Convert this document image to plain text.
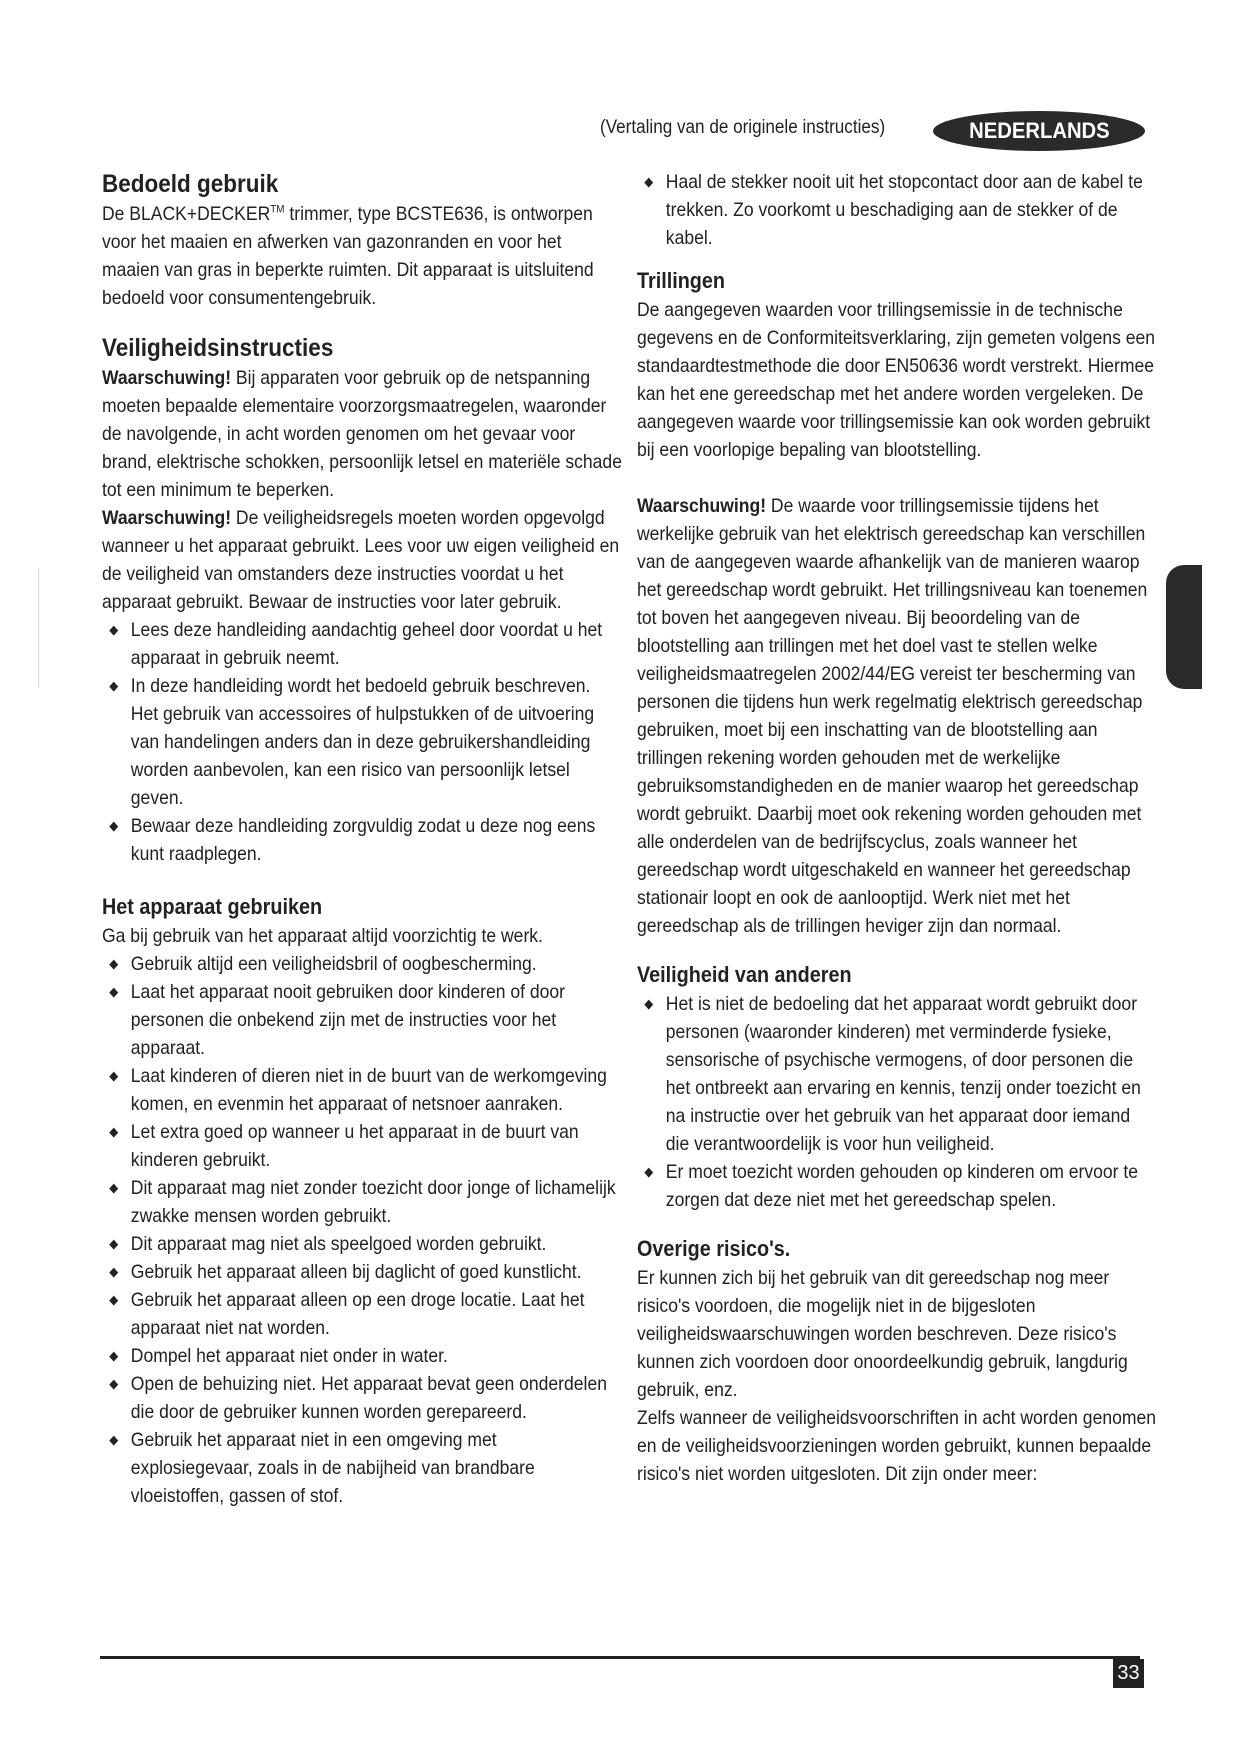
(Vertaling van de originele instructies)	NEDERLANDS
Bedoeld gebruik

De BLACK+DECKER™ trimmer, type BCSTE636, is ontworpen

voor het maaien en afwerken van gazonranden en voor het maaien van gras in beperkte ruimten. Dit apparaat is uitsluitend bedoeld voor consumentengebruik.

Veiligheidsinstructies

Waarschuwing! Bij apparaten voor gebruik op de netspanning moeten bepaalde elementaire voorzorgsmaatregelen, waaronder de navolgende, in acht worden genomen om het gevaar voor brand, elektrische schokken, persoonlijk letsel en materiële schade tot een minimum te beperken.

Waarschuwing! De veiligheidsregels moeten worden opgevolgd wanneer u het apparaat gebruikt. Lees voor uw eigen veiligheid en de veiligheid van omstanders deze instructies voordat u het apparaat gebruikt. Bewaar de instructies voor later gebruik.

◆ Lees deze handleiding aandachtig geheel door voordat u het apparaat in gebruik neemt.
◆ In deze handleiding wordt het bedoeld gebruik beschreven. Het gebruik van accessoires of hulpstukken of de uitvoering van handelingen anders dan in deze gebruikershandleiding worden aanbevolen, kan een risico van persoonlijk letsel geven.
◆ Bewaar deze handleiding zorgvuldig zodat u deze nog eens kunt raadplegen.
Het apparaat gebruiken

Ga bij gebruik van het apparaat altijd voorzichtig te werk.

◆ Gebruik altijd een veiligheidsbril of oogbescherming.
◆ Laat het apparaat nooit gebruiken door kinderen of door personen die onbekend zijn met de instructies voor het apparaat.
◆ Laat kinderen of dieren niet in de buurt van de werkomgeving komen, en evenmin het apparaat of netsnoer aanraken.
◆ Let extra goed op wanneer u het apparaat in de buurt van kinderen gebruikt.
◆ Dit apparaat mag niet zonder toezicht door jonge of lichamelijk zwakke mensen worden gebruikt.
◆ Dit apparaat mag niet als speelgoed worden gebruikt.
◆ Gebruik het apparaat alleen bij daglicht of goed kunstlicht.
◆ Gebruik het apparaat alleen op een droge locatie. Laat het apparaat niet nat worden.
◆ Dompel het apparaat niet onder in water.
◆ Open de behuizing niet. Het apparaat bevat geen onderdelen die door de gebruiker kunnen worden gerepareerd.
◆ Gebruik het apparaat niet in een omgeving met explosiegevaar, zoals in de nabijheid van brandbare vloeistoffen, gassen of stof.
◆ Haal de stekker nooit uit het stopcontact door aan de kabel te trekken. Zo voorkomt u beschadiging aan de stekker of de kabel.
Trillingen

De aangegeven waarden voor trillingsemissie in de technische gegevens en de Conformiteitsverklaring, zijn gemeten volgens een standaardtestmethode die door EN50636 wordt verstrekt. Hiermee kan het ene gereedschap met het andere worden vergeleken. De aangegeven waarde voor trillingsemissie kan ook worden gebruikt bij een voorlopige bepaling van blootstelling.

Waarschuwing! De waarde voor trillingsemissie tijdens het werkelijke gebruik van het elektrisch gereedschap kan verschillen van de aangegeven waarde afhankelijk van de manieren waarop het gereedschap wordt gebruikt. Het trillingsniveau kan toenemen tot boven het aangegeven niveau. Bij beoordeling van de blootstelling aan trillingen met het doel vast te stellen welke veiligheidsmaatregelen 2002/44/EG vereist ter bescherming van personen die tijdens hun werk regelmatig elektrisch gereedschap gebruiken, moet bij een inschatting van de blootstelling aan trillingen rekening worden gehouden met de werkelijke gebruiksomstandigheden en de manier waarop het gereedschap wordt gebruikt. Daarbij moet ook rekening worden gehouden met alle onderdelen van de bedrijfscyclus, zoals wanneer het gereedschap wordt uitgeschakeld en wanneer het gereedschap stationair loopt en ook de aanlooptijd. Werk niet met het gereedschap als de trillingen heviger zijn dan normaal.

Veiligheid van anderen
◆ Het is niet de bedoeling dat het apparaat wordt gebruikt door personen (waaronder kinderen) met verminderde fysieke, sensorische of psychische vermogens, of door personen die het ontbreekt aan ervaring en kennis, tenzij onder toezicht en na instructie over het gebruik van het apparaat door iemand die verantwoordelijk is voor hun veiligheid.
◆ Er moet toezicht worden gehouden op kinderen om ervoor te zorgen dat deze niet met het gereedschap spelen.
Overige risico's.

Er kunnen zich bij het gebruik van dit gereedschap nog meer risico's voordoen, die mogelijk niet in de bijgesloten veiligheidswaarschuwingen worden beschreven. Deze risico's kunnen zich voordoen door onoordeelkundig gebruik, langdurig gebruik, enz.

Zelfs wanneer de veiligheidsvoorschriften in acht worden genomen en de veiligheidsvoorzieningen worden gebruikt, kunnen bepaalde risico's niet worden uitgesloten. Dit zijn onder meer:

33
